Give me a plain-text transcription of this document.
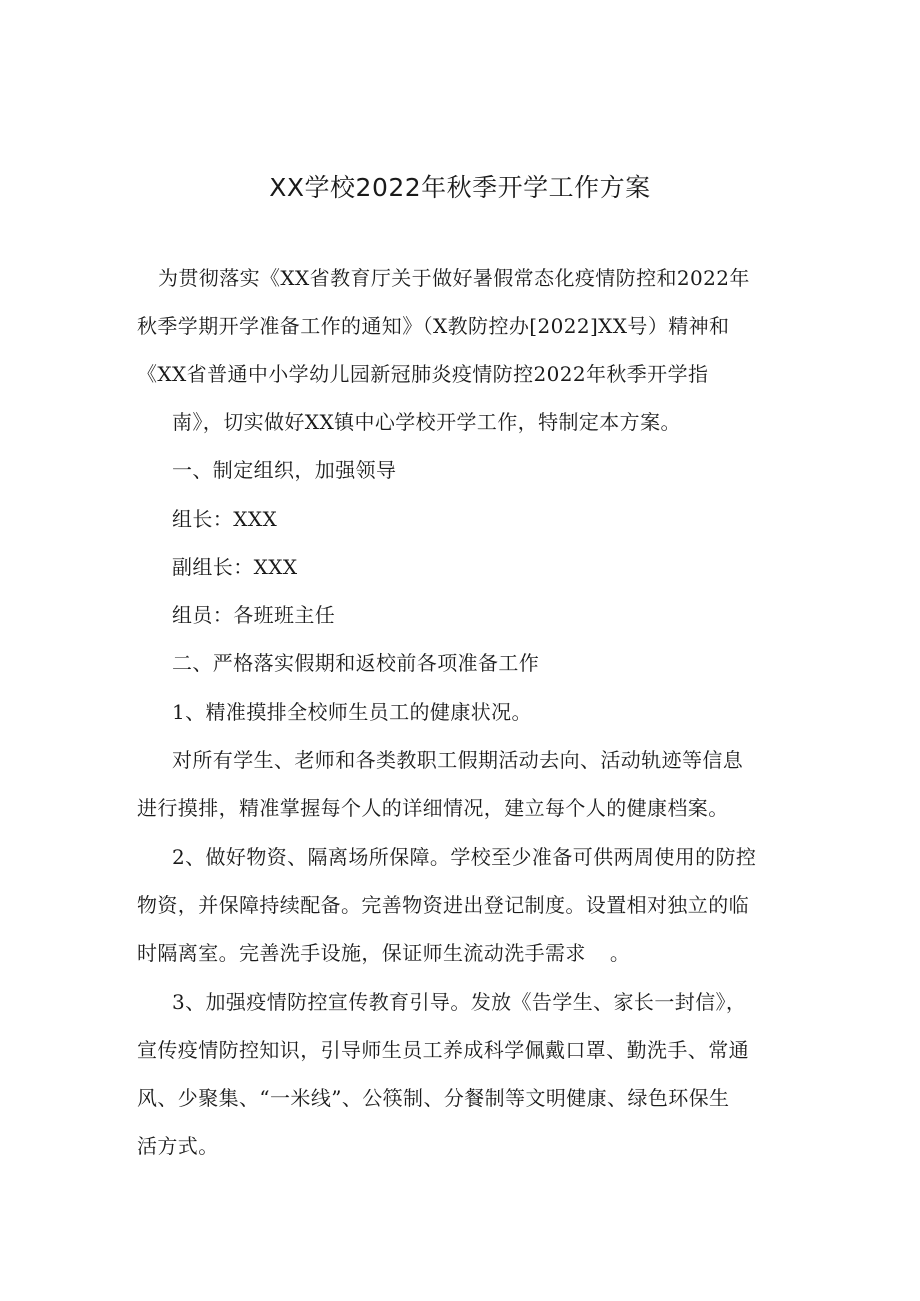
XX学校2022年秋季开学工作方案
为贯彻落实《XX省教育厅关于做好暑假常态化疫情防控和2022年
秋季学期开学准备工作的通知》（X教防控办[2022]XX号）精神和
《XX省普通中小学幼儿园新冠肺炎疫情防控2022年秋季开学指
南》，切实做好XX镇中心学校开学工作，特制定本方案。
一、制定组织，加强领导
组长：XXX
副组长：XXX
组员：各班班主任
二、严格落实假期和返校前各项准备工作
1、精准摸排全校师生员工的健康状况。
对所有学生、老师和各类教职工假期活动去向、活动轨迹等信息
进行摸排，精准掌握每个人的详细情况，建立每个人的健康档案。
2、做好物资、隔离场所保障。学校至少准备可供两周使用的防控
物资，并保障持续配备。完善物资进出登记制度。设置相对独立的临
时隔离室。完善洗手设施，保证师生流动洗手需求 。
3、加强疫情防控宣传教育引导。发放《告学生、家长一封信》，
宣传疫情防控知识，引导师生员工养成科学佩戴口罩、勤洗手、常通
风、少聚集、“一米线”、公筷制、分餐制等文明健康、绿色环保生
活方式。
